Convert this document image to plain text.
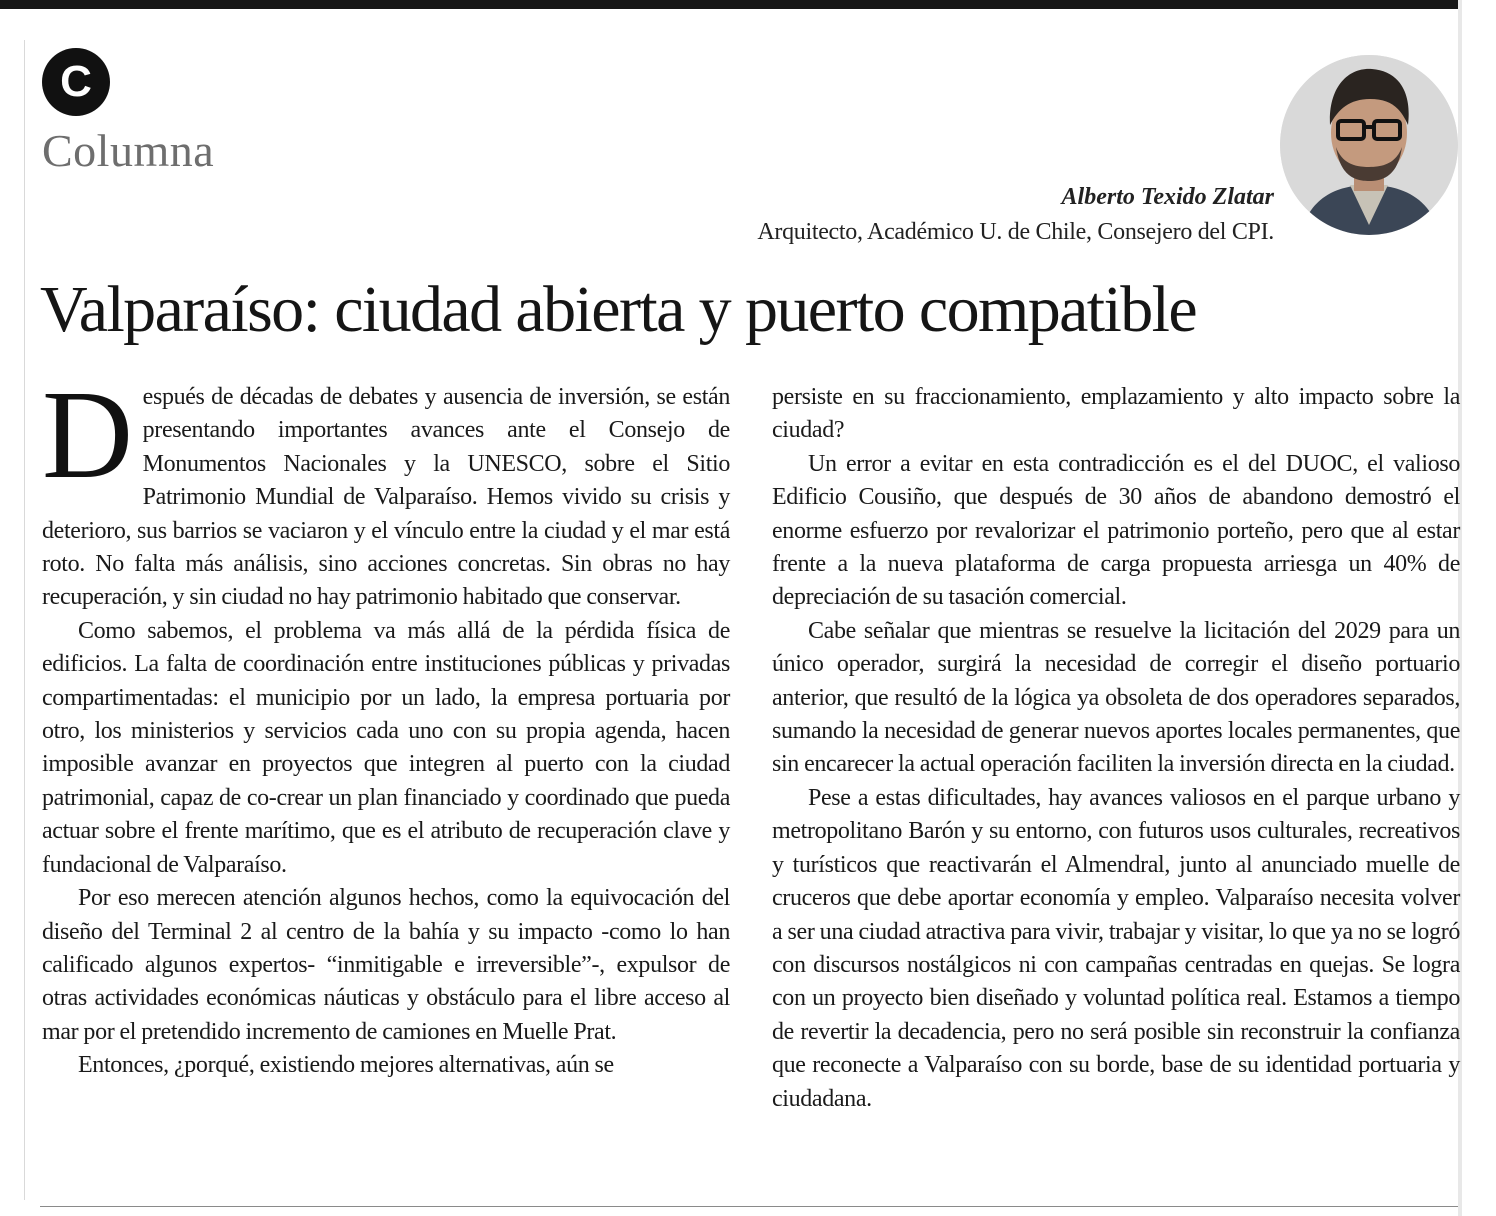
C
Columna
Alberto Texido Zlatar
Arquitecto, Académico U. de Chile, Consejero del CPI.
Valparaíso: ciudad abierta y puerto compatible

Después de décadas de debates y ausencia de inversión, se están presentando importantes avances ante el Consejo de Monumentos Nacionales y la UNESCO, sobre el Sitio Patrimonio Mundial de Valparaíso. Hemos vivido su crisis y deterioro, sus barrios se vaciaron y el vínculo entre la ciudad y el mar está roto. No falta más análisis, sino acciones concretas. Sin obras no hay recuperación, y sin ciudad no hay patrimonio habitado que conservar.

Como sabemos, el problema va más allá de la pérdida física de edificios. La falta de coordinación entre instituciones públicas y privadas compartimentadas: el municipio por un lado, la empresa portuaria por otro, los ministerios y servicios cada uno con su propia agenda, hacen imposible avanzar en proyectos que integren al puerto con la ciudad patrimonial, capaz de co-crear un plan financiado y coordinado que pueda actuar sobre el frente marítimo, que es el atributo de recuperación clave y fundacional de Valparaíso.

Por eso merecen atención algunos hechos, como la equivocación del diseño del Terminal 2 al centro de la bahía y su impacto -como lo han calificado algunos expertos- “inmitigable e irreversible”-, expulsor de otras actividades económicas náuticas y obstáculo para el libre acceso al mar por el pretendido incremento de camiones en Muelle Prat.

Entonces, ¿porqué, existiendo mejores alternativas, aún se

persiste en su fraccionamiento, emplazamiento y alto impacto sobre la ciudad?

Un error a evitar en esta contradicción es el del DUOC, el valioso Edificio Cousiño, que después de 30 años de abandono demostró el enorme esfuerzo por revalorizar el patrimonio porteño, pero que al estar frente a la nueva plataforma de carga propuesta arriesga un 40% de depreciación de su tasación comercial.

Cabe señalar que mientras se resuelve la licitación del 2029 para un único operador, surgirá la necesidad de corregir el diseño portuario anterior, que resultó de la lógica ya obsoleta de dos operadores separados, sumando la necesidad de generar nuevos aportes locales permanentes, que sin encarecer la actual operación faciliten la inversión directa en la ciudad.

Pese a estas dificultades, hay avances valiosos en el parque urbano y metropolitano Barón y su entorno, con futuros usos culturales, recreativos y turísticos que reactivarán el Almendral, junto al anunciado muelle de cruceros que debe aportar economía y empleo. Valparaíso necesita volver a ser una ciudad atractiva para vivir, trabajar y visitar, lo que ya no se logró con discursos nostálgicos ni con campañas centradas en quejas. Se logra con un proyecto bien diseñado y voluntad política real. Estamos a tiempo de revertir la decadencia, pero no será posible sin reconstruir la confianza que reconecte a Valparaíso con su borde, base de su identidad portuaria y ciudadana.
